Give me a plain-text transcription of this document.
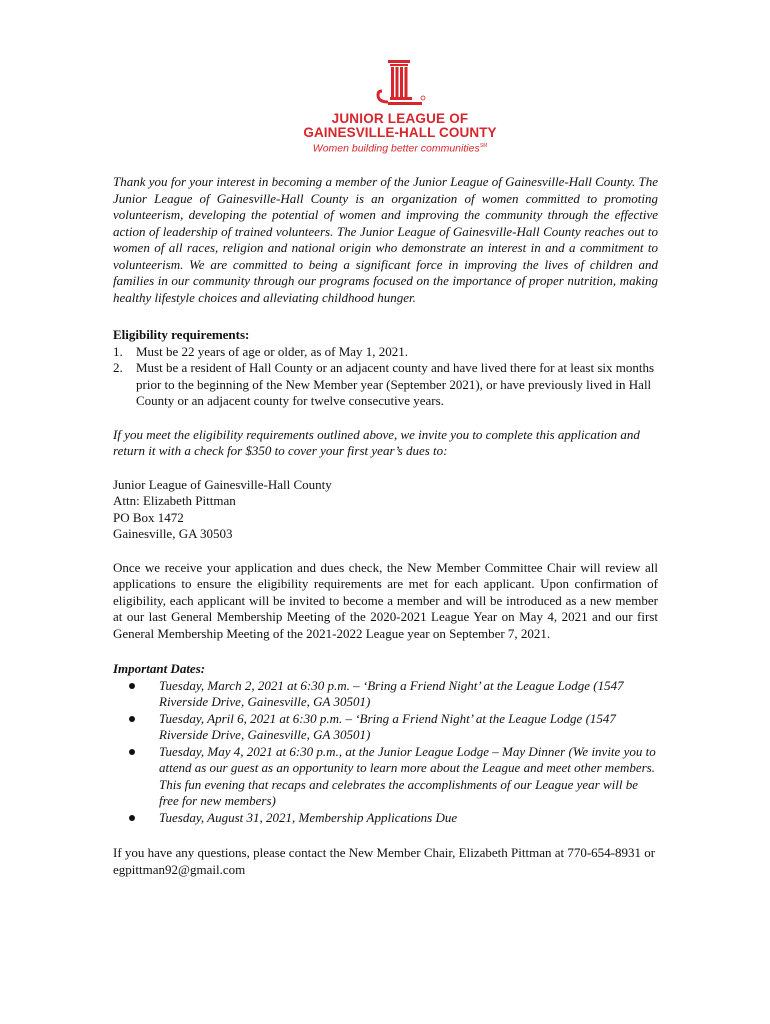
JUNIOR LEAGUE OF
GAINESVILLE-HALL COUNTY
Women building better communities℠

Thank you for your interest in becoming a member of the Junior League of Gainesville-Hall County. The Junior League of Gainesville-Hall County is an organization of women committed to promoting volunteerism, developing the potential of women and improving the community through the effective action of leadership of trained volunteers. The Junior League of Gainesville-Hall County reaches out to women of all races, religion and national origin who demonstrate an interest in and a commitment to volunteerism. We are committed to being a significant force in improving the lives of children and families in our community through our programs focused on the importance of proper nutrition, making healthy lifestyle choices and alleviating childhood hunger.

Eligibility requirements:
1. Must be 22 years of age or older, as of May 1, 2021.
2. Must be a resident of Hall County or an adjacent county and have lived there for at least six months prior to the beginning of the New Member year (September 2021), or have previously lived in Hall County or an adjacent county for twelve consecutive years.

If you meet the eligibility requirements outlined above, we invite you to complete this application and return it with a check for $350 to cover your first year’s dues to:

Junior League of Gainesville-Hall County
Attn: Elizabeth Pittman
PO Box 1472
Gainesville, GA 30503

Once we receive your application and dues check, the New Member Committee Chair will review all applications to ensure the eligibility requirements are met for each applicant. Upon confirmation of eligibility, each applicant will be invited to become a member and will be introduced as a new member at our last General Membership Meeting of the 2020-2021 League Year on May 4, 2021 and our first General Membership Meeting of the 2021-2022 League year on September 7, 2021.

Important Dates:
Tuesday, March 2, 2021 at 6:30 p.m. – ‘Bring a Friend Night’ at the League Lodge (1547 Riverside Drive, Gainesville, GA 30501)
Tuesday, April 6, 2021 at 6:30 p.m. – ‘Bring a Friend Night’ at the League Lodge (1547 Riverside Drive, Gainesville, GA 30501)
Tuesday, May 4, 2021 at 6:30 p.m., at the Junior League Lodge – May Dinner (We invite you to attend as our guest as an opportunity to learn more about the League and meet other members. This fun evening that recaps and celebrates the accomplishments of our League year will be free for new members)
Tuesday, August 31, 2021, Membership Applications Due

If you have any questions, please contact the New Member Chair, Elizabeth Pittman at 770-654-8931 or egpittman92@gmail.com
